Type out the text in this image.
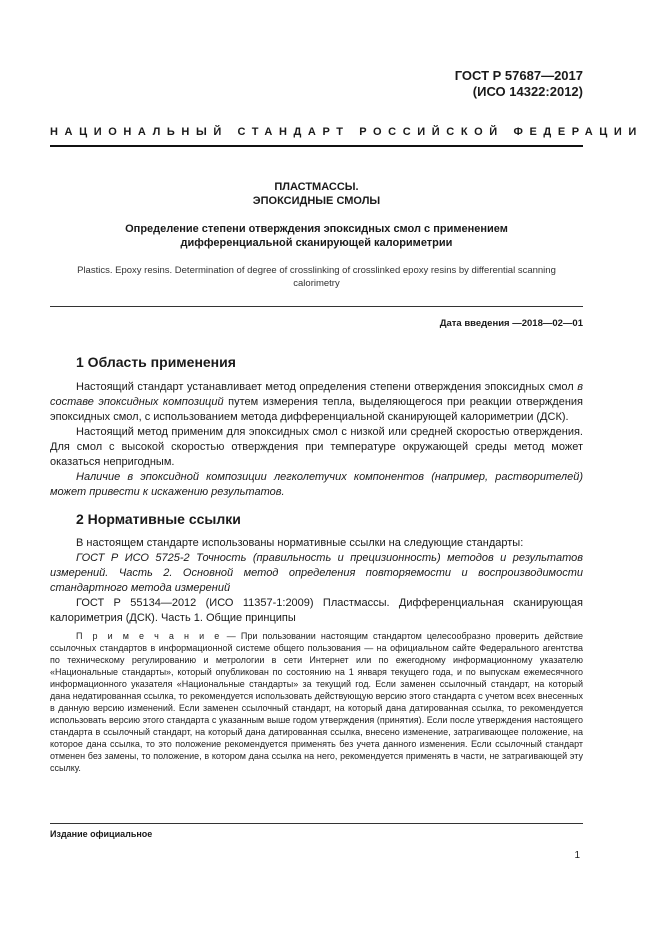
ГОСТ Р 57687—2017
(ИСО 14322:2012)
НАЦИОНАЛЬНЫЙ СТАНДАРТ РОССИЙСКОЙ ФЕДЕРАЦИИ
ПЛАСТМАССЫ.
ЭПОКСИДНЫЕ СМОЛЫ
Определение степени отверждения эпоксидных смол с применением
дифференциальной сканирующей калориметрии
Plastics. Epoxy resins. Determination of degree of crosslinking of crosslinked epoxy resins by differential scanning
calorimetry
Дата введения —2018—02—01
1 Область применения

Настоящий стандарт устанавливает метод определения степени отверждения эпоксидных смол в составе эпоксидных композиций путем измерения тепла, выделяющегося при реакции отверждения эпоксидных смол, с использованием метода дифференциальной сканирующей калориметрии (ДСК).

Настоящий метод применим для эпоксидных смол с низкой или средней скоростью отверждения. Для смол с высокой скоростью отверждения при температуре окружающей среды метод может оказаться непригодным.

Наличие в эпоксидной композиции легколетучих компонентов (например, растворителей) может привести к искажению результатов.

2 Нормативные ссылки

В настоящем стандарте использованы нормативные ссылки на следующие стандарты:

ГОСТ Р ИСО 5725-2 Точность (правильность и прецизионность) методов и результатов измерений. Часть 2. Основной метод определения повторяемости и воспроизводимости стандартного метода измерений

ГОСТ Р 55134—2012 (ИСО 11357-1:2009) Пластмассы. Дифференциальная сканирующая калориметрия (ДСК). Часть 1. Общие принципы

П р и м е ч а н и е — При пользовании настоящим стандартом целесообразно проверить действие ссылочных стандартов в информационной системе общего пользования — на официальном сайте Федерального агентства по техническому регулированию и метрологии в сети Интернет или по ежегодному информационному указателю «Национальные стандарты», который опубликован по состоянию на 1 января текущего года, и по выпускам ежемесячного информационного указателя «Национальные стандарты» за текущий год. Если заменен ссылочный стандарт, на который дана недатированная ссылка, то рекомендуется использовать действующую версию этого стандарта с учетом всех внесенных в данную версию изменений. Если заменен ссылочный стандарт, на который дана датированная ссылка, то рекомендуется использовать версию этого стандарта с указанным выше годом утверждения (принятия). Если после утверждения настоящего стандарта в ссылочный стандарт, на который дана датированная ссылка, внесено изменение, затрагивающее положение, на которое дана ссылка, то это положение рекомендуется применять без учета данного изменения. Если ссылочный стандарт отменен без замены, то положение, в котором дана ссылка на него, рекомендуется применять в части, не затрагивающей эту ссылку.

Издание официальное
1
